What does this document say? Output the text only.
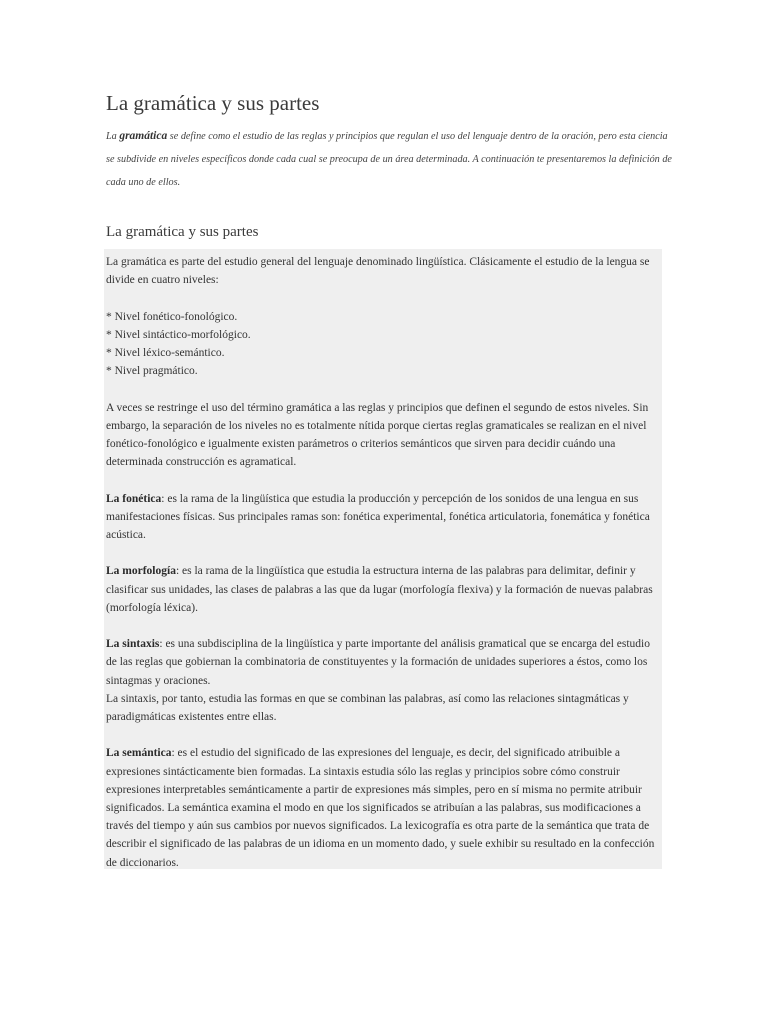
La gramática y sus partes

La gramática se define como el estudio de las reglas y principios que regulan el uso del lenguaje dentro de la oración, pero esta ciencia se subdivide en niveles específicos donde cada cual se preocupa de un área determinada. A continuación te presentaremos la definición de cada uno de ellos.

La gramática y sus partes

La gramática es parte del estudio general del lenguaje denominado lingüística. Clásicamente el estudio de la lengua se divide en cuatro niveles:

* Nivel fonético-fonológico.

* Nivel sintáctico-morfológico.

* Nivel léxico-semántico.

* Nivel pragmático.

A veces se restringe el uso del término gramática a las reglas y principios que definen el segundo de estos niveles. Sin embargo, la separación de los niveles no es totalmente nítida porque ciertas reglas gramaticales se realizan en el nivel fonético-fonológico e igualmente existen parámetros o criterios semánticos que sirven para decidir cuándo una determinada construcción es agramatical.

La fonética: es la rama de la lingüística que estudia la producción y percepción de los sonidos de una lengua en sus manifestaciones físicas. Sus principales ramas son: fonética experimental, fonética articulatoria, fonemática y fonética acústica.

La morfología: es la rama de la lingüística que estudia la estructura interna de las palabras para delimitar, definir y clasificar sus unidades, las clases de palabras a las que da lugar (morfología flexiva) y la formación de nuevas palabras (morfología léxica).

La sintaxis: es una subdisciplina de la lingüística y parte importante del análisis gramatical que se encarga del estudio de las reglas que gobiernan la combinatoria de constituyentes y la formación de unidades superiores a éstos, como los sintagmas y oraciones.

La sintaxis, por tanto, estudia las formas en que se combinan las palabras, así como las relaciones sintagmáticas y paradigmáticas existentes entre ellas.

La semántica: es el estudio del significado de las expresiones del lenguaje, es decir, del significado atribuible a expresiones sintácticamente bien formadas. La sintaxis estudia sólo las reglas y principios sobre cómo construir expresiones interpretables semánticamente a partir de expresiones más simples, pero en sí misma no permite atribuir significados. La semántica examina el modo en que los significados se atribuían a las palabras, sus modificaciones a través del tiempo y aún sus cambios por nuevos significados. La lexicografía es otra parte de la semántica que trata de describir el significado de las palabras de un idioma en un momento dado, y suele exhibir su resultado en la confección de diccionarios.
